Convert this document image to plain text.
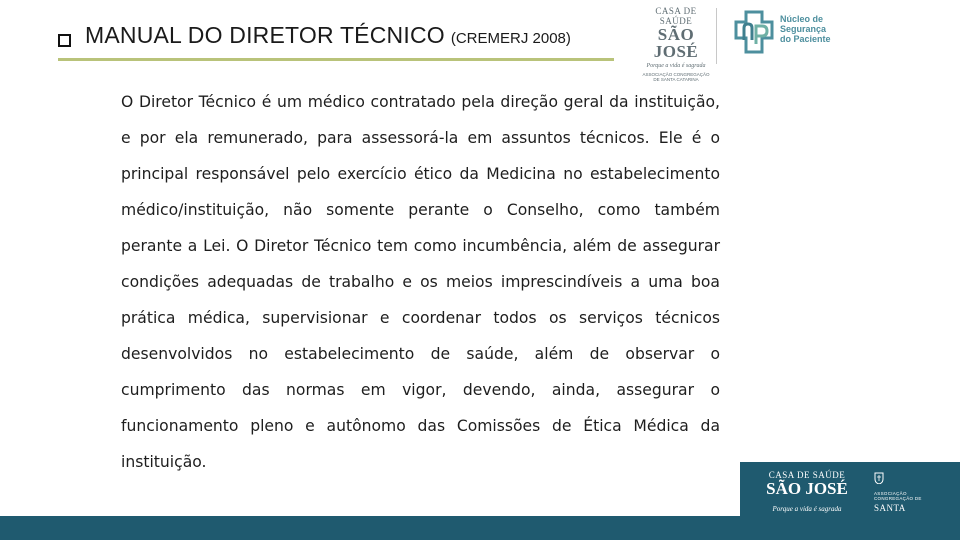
MANUAL DO DIRETOR TÉCNICO (CREMERJ 2008)
CASA DE SAÚDE
SÃO JOSÉ
Porque a vida é sagrada
ASSOCIAÇÃO CONGREGAÇÃO DE SANTA CATARINA
Núcleo de
Segurança
do Paciente

O Diretor Técnico é um médico contratado pela direção geral da instituição, e por ela remunerado, para assessorá-la em assuntos técnicos. Ele é o principal responsável pelo exercício ético da Medicina no estabelecimento médico/instituição, não somente perante o Conselho, como também perante a Lei. O Diretor Técnico tem como incumbência, além de assegurar condições adequadas de trabalho e os meios imprescindíveis a uma boa prática médica, supervisionar e coordenar todos os serviços técnicos desenvolvidos no estabelecimento de saúde, além de observar o cumprimento das normas em vigor, devendo, ainda, assegurar o funcionamento pleno e autônomo das Comissões de Ética Médica da instituição.

CASA DE SAÚDE
SÃO JOSÉ
Porque a vida é sagrada
ASSOCIAÇÃO
CONGREGAÇÃO DE
SANTA
